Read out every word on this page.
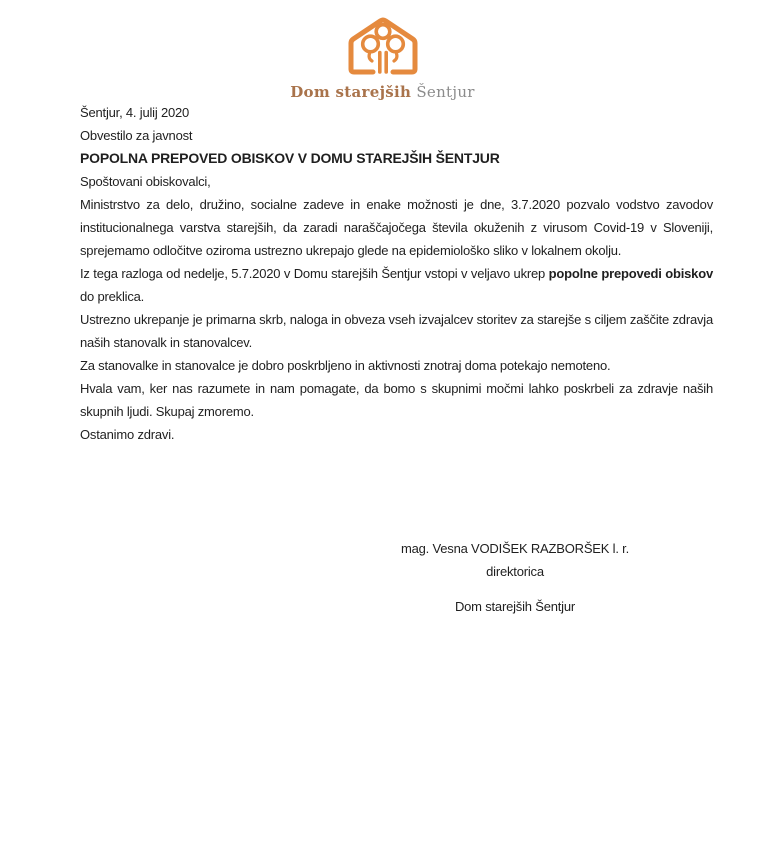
Dom starejših Šentjur

Šentjur, 4. julij 2020

Obvestilo za javnost

POPOLNA PREPOVED OBISKOV V DOMU STAREJŠIH ŠENTJUR

Spoštovani obiskovalci,

Ministrstvo za delo, družino, socialne zadeve in enake možnosti je dne, 3.7.2020 pozvalo vodstvo zavodov institucionalnega varstva starejših, da zaradi naraščajočega števila okuženih z virusom Covid-19 v Sloveniji, sprejemamo odločitve oziroma ustrezno ukrepajo glede na epidemiološko sliko v lokalnem okolju.

Iz tega razloga od nedelje, 5.7.2020 v Domu starejših Šentjur vstopi v veljavo ukrep popolne prepovedi obiskov do preklica.

Ustrezno ukrepanje je primarna skrb, naloga in obveza vseh izvajalcev storitev za starejše s ciljem zaščite zdravja naših stanovalk in stanovalcev.

Za stanovalke in stanovalce je dobro poskrbljeno in aktivnosti znotraj doma potekajo nemoteno.

Hvala vam, ker nas razumete in nam pomagate, da bomo s skupnimi močmi lahko poskrbeli za zdravje naših skupnih ljudi. Skupaj zmoremo.

Ostanimo zdravi.

mag. Vesna VODIŠEK RAZBORŠEK l. r.

direktorica

Dom starejših Šentjur
